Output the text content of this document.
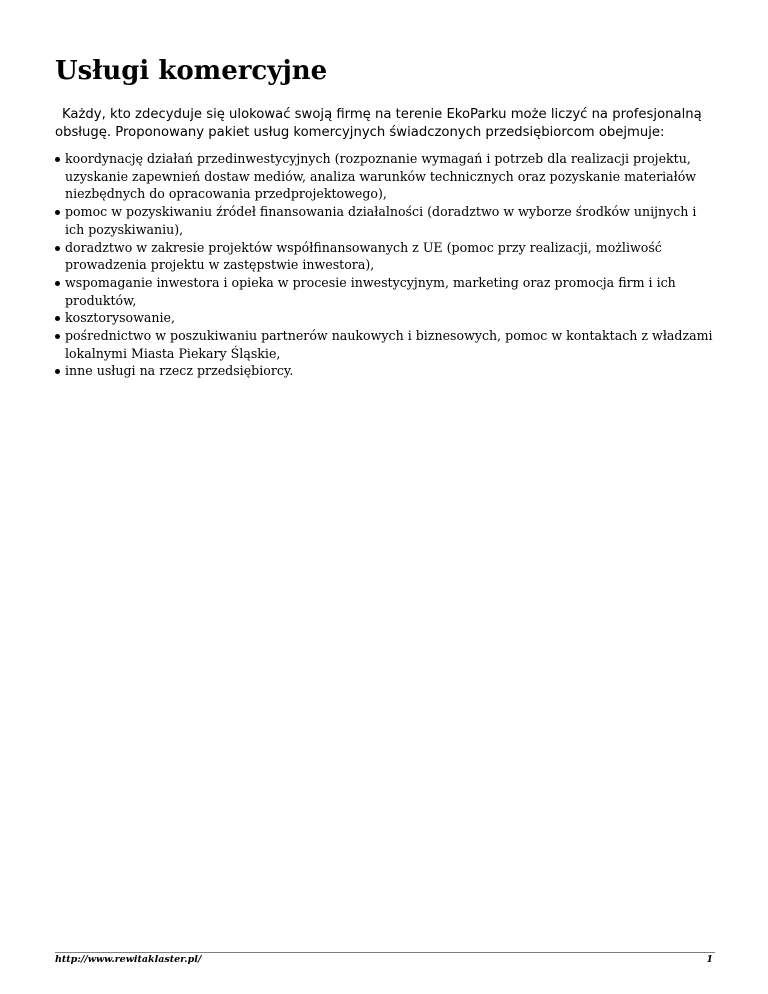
Usługi komercyjne

Każdy, kto zdecyduje się ulokować swoją firmę na terenie EkoParku może liczyć na profesjonalną obsługę. Proponowany pakiet usług komercyjnych świadczonych przedsiębiorcom obejmuje:

koordynację działań przedinwestycyjnych (rozpoznanie wymagań i potrzeb dla realizacji projektu, uzyskanie zapewnień dostaw mediów, analiza warunków technicznych oraz pozyskanie materiałów niezbędnych do opracowania przedprojektowego),
pomoc w pozyskiwaniu źródeł finansowania działalności (doradztwo w wyborze środków unijnych i ich pozyskiwaniu),
doradztwo w zakresie projektów współfinansowanych z UE (pomoc przy realizacji, możliwość prowadzenia projektu w zastępstwie inwestora),
wspomaganie inwestora i opieka w procesie inwestycyjnym, marketing oraz promocja firm i ich produktów,
kosztorysowanie,
pośrednictwo w poszukiwaniu partnerów naukowych i biznesowych, pomoc w kontaktach z władzami lokalnymi Miasta Piekary Śląskie,
inne usługi na rzecz przedsiębiorcy.
http://www.rewitaklaster.pl/	1
